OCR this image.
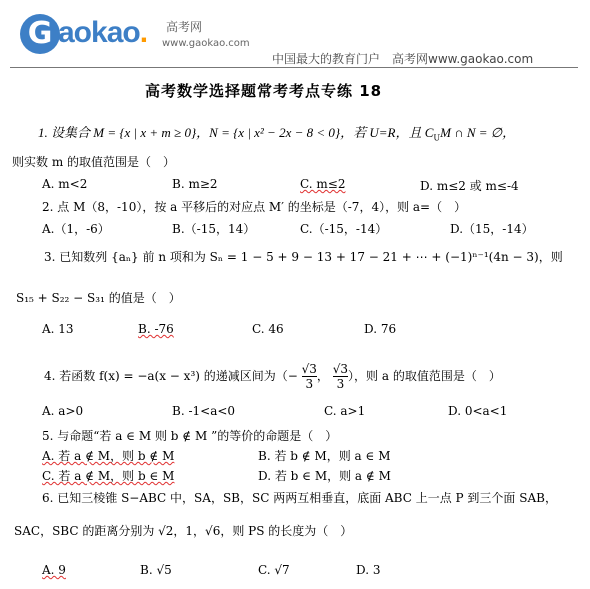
G aokao. 高考网
www.gaokao.com
中国最大的教育门户　高考网www.gaokao.com
高考数学选择题常考考点专练 18
1. 设集合 M = {x | x + m ≥ 0}，N = {x | x² − 2x − 8 < 0}，若 U=R，且 $C_UM$ ∩ N = ∅，
则实数 m 的取值范围是（　）
A. m<2	B. m≥2	C. m≤2	D. m≤2 或 m≤-4
2. 点 M（8，-10），按 a 平移后的对应点 M′ 的坐标是（-7，4），则 a=（　）
A.（1，-6）	B.（-15，14）	C.（-15，-14）	D.（15，-14）
3. 已知数列 {aₙ} 前 n 项和为 Sₙ = 1 − 5 + 9 − 13 + 17 − 21 + ⋯ + (−1)ⁿ⁻¹(4n − 3)，则
S₁₅ + S₂₂ − S₃₁ 的值是（　）
A. 13	B. -76	C. 46	D. 76
4. 若函数 f(x) = −a(x − x³) 的递减区间为（− $\frac{√3}{3}$ ， $\frac{√3}{3}$ ），则 a 的取值范围是（　）
A. a>0	B. -1<a<0	C. a>1	D. 0<a<1
5. 与命题“若 a ∈ M 则 b ∉ M ”的等价的命题是（　）
A. 若 a ∉ M，则 b ∉ M	B. 若 b ∉ M，则 a ∈ M
C. 若 a ∉ M，则 b ∈ M	D. 若 b ∈ M，则 a ∉ M
6. 已知三棱锥 S−ABC 中，SA，SB，SC 两两互相垂直，底面 ABC 上一点 P 到三个面 SAB，
SAC，SBC 的距离分别为 √2，1，√6，则 PS 的长度为（　）
A. 9	B. √5	C. √7	D. 3
